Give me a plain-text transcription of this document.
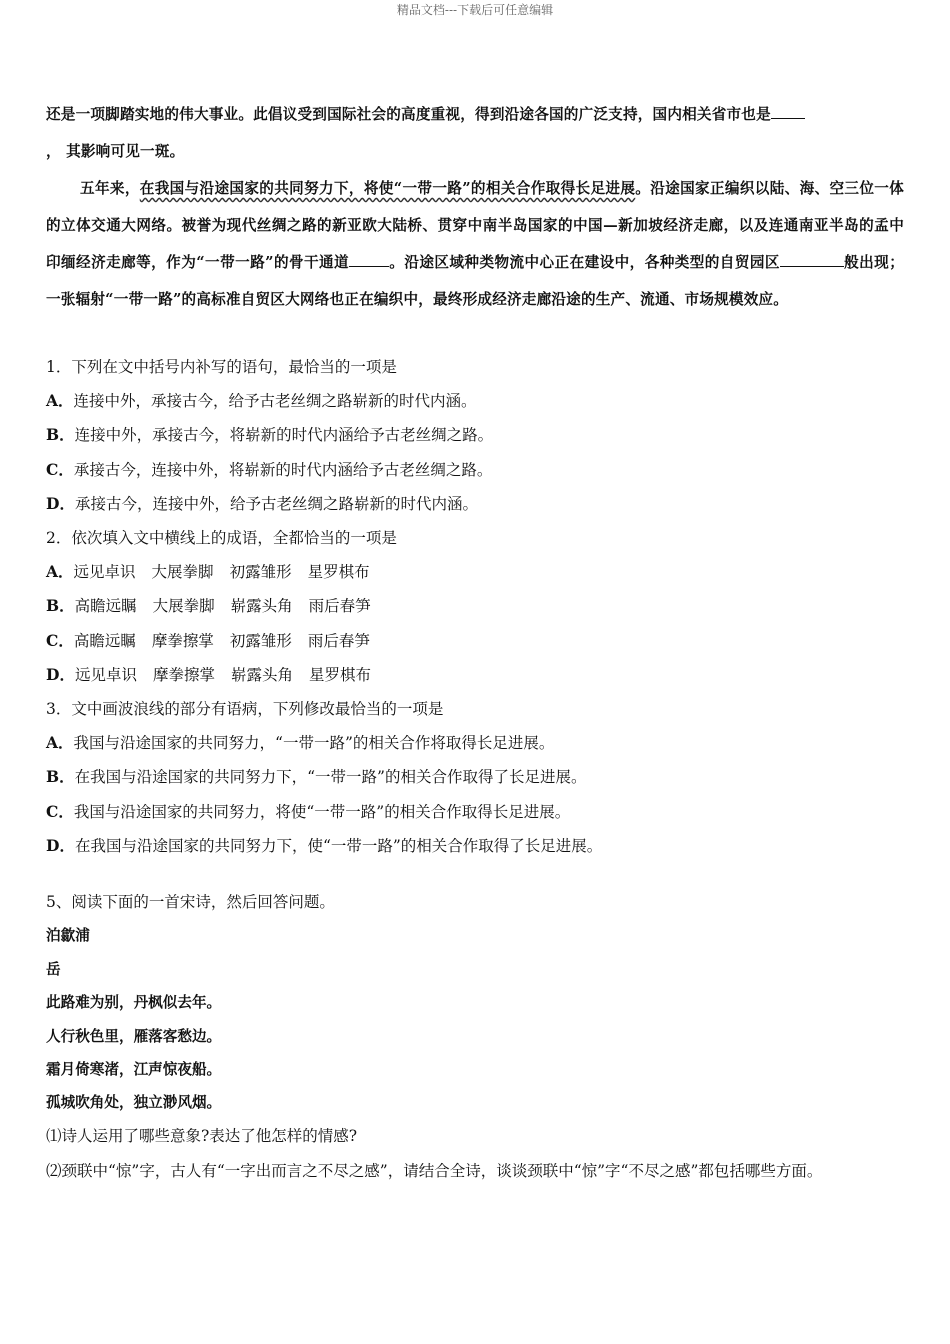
精品文档---下载后可任意编辑

还是一项脚踏实地的伟大事业。此倡议受到国际社会的高度重视，得到沿途各国的广泛支持，国内相关省市也是
， 其影响可见一斑。

五年来，在我国与沿途国家的共同努力下，将使“一带一路”的相关合作取得长足进展。沿途国家正编织以陆、海、空三位一体的立体交通大网络。被誉为现代丝绸之路的新亚欧大陆桥、贯穿中南半岛国家的中国—新加坡经济走廊，以及连通南亚半岛的孟中印缅经济走廊等，作为“一带一路”的骨干通道	。沿途区域种类物流中心正在建设中，各种类型的自贸园区	般出现；一张辐射“一带一路”的高标准自贸区大网络也正在编织中，最终形成经济走廊沿途的生产、流通、市场规模效应。

1．下列在文中括号内补写的语句，最恰当的一项是

A．连接中外，承接古今，给予古老丝绸之路崭新的时代内涵。

B．连接中外，承接古今，将崭新的时代内涵给予古老丝绸之路。

C．承接古今，连接中外，将崭新的时代内涵给予古老丝绸之路。

D．承接古今，连接中外，给予古老丝绸之路崭新的时代内涵。

2．依次填入文中横线上的成语，全都恰当的一项是

A．远见卓识 大展拳脚 初露雏形 星罗棋布

B．高瞻远瞩 大展拳脚 崭露头角 雨后春笋

C．高瞻远瞩 摩拳擦掌 初露雏形 雨后春笋

D．远见卓识 摩拳擦掌 崭露头角 星罗棋布

3．文中画波浪线的部分有语病，下列修改最恰当的一项是

A．我国与沿途国家的共同努力，“一带一路”的相关合作将取得长足进展。

B．在我国与沿途国家的共同努力下，“一带一路”的相关合作取得了长足进展。

C．我国与沿途国家的共同努力，将使“一带一路”的相关合作取得长足进展。

D．在我国与沿途国家的共同努力下，使“一带一路”的相关合作取得了长足进展。

5、阅读下面的一首宋诗，然后回答问题。

泊歙浦

岳

此路难为别，丹枫似去年。

人行秋色里，雁落客愁边。

霜月倚寒渚，江声惊夜船。

孤城吹角处，独立渺风烟。

⑴诗人运用了哪些意象?表达了他怎样的情感?

⑵颈联中“惊”字，古人有“一字出而言之不尽之感”，请结合全诗，谈谈颈联中“惊”字“不尽之感”都包括哪些方面。
